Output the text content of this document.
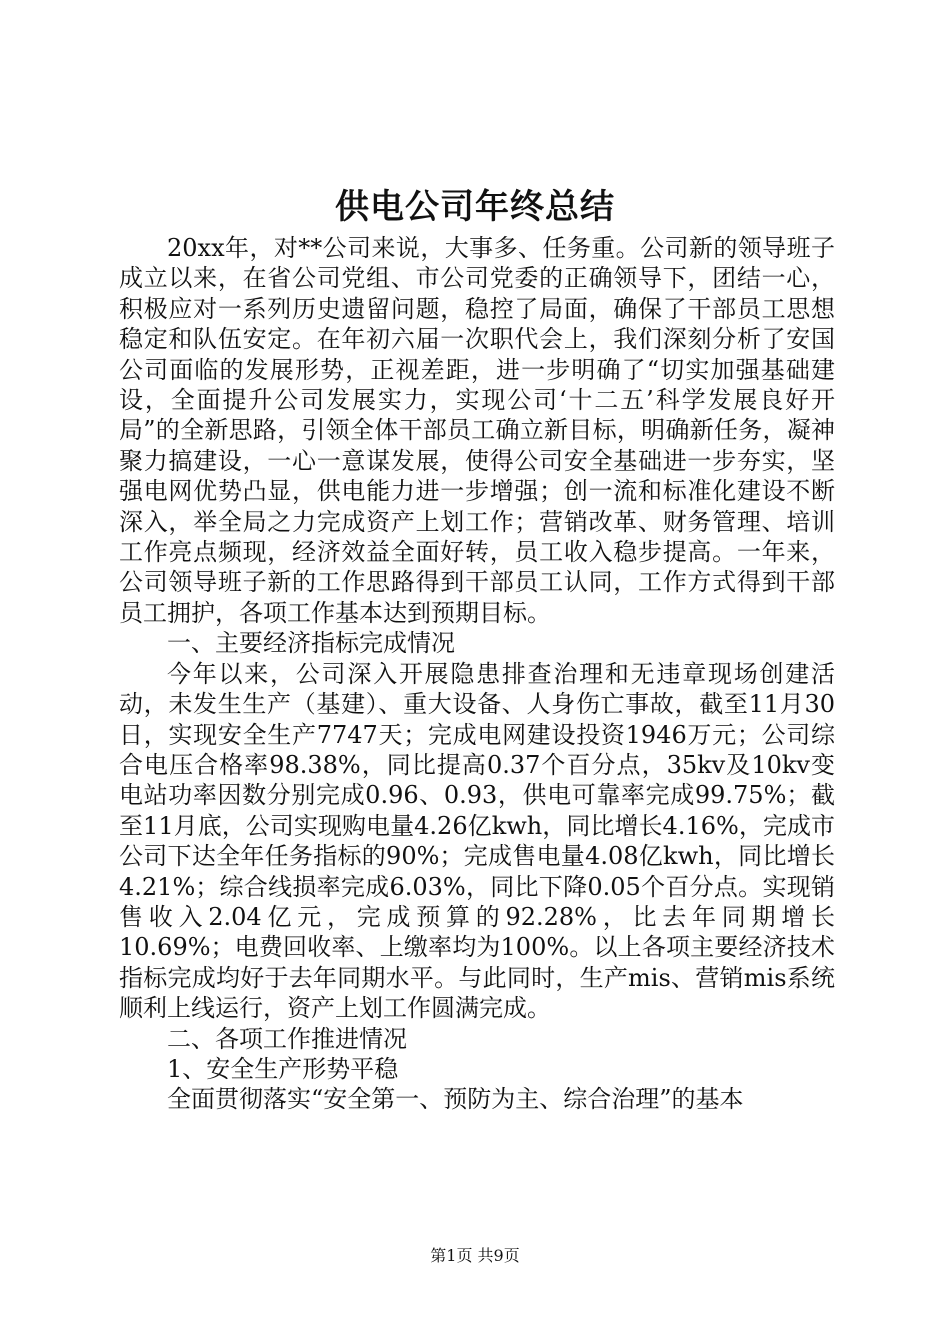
供电公司年终总结

20xx年，对**公司来说，大事多、任务重。公司新的领导班子成立以来，在省公司党组、市公司党委的正确领导下，团结一心，积极应对一系列历史遗留问题，稳控了局面，确保了干部员工思想稳定和队伍安定。在年初六届一次职代会上，我们深刻分析了安国公司面临的发展形势，正视差距，进一步明确了“切实加强基础建设，全面提升公司发展实力，实现公司‘十二五’科学发展良好开局”的全新思路，引领全体干部员工确立新目标，明确新任务，凝神聚力搞建设，一心一意谋发展，使得公司安全基础进一步夯实，坚强电网优势凸显，供电能力进一步增强；创一流和标准化建设不断深入，举全局之力完成资产上划工作；营销改革、财务管理、培训工作亮点频现，经济效益全面好转，员工收入稳步提高。一年来，公司领导班子新的工作思路得到干部员工认同，工作方式得到干部员工拥护，各项工作基本达到预期目标。

一、主要经济指标完成情况

今年以来，公司深入开展隐患排查治理和无违章现场创建活动，未发生生产（基建）、重大设备、人身伤亡事故，截至11月30日，实现安全生产7747天；完成电网建设投资1946万元；公司综合电压合格率98.38%，同比提高0.37个百分点，35kv及10kv变电站功率因数分别完成0.96、0.93，供电可靠率完成99.75%；截至11月底，公司实现购电量4.26亿kwh，同比增长4.16%，完成市公司下达全年任务指标的90%；完成售电量4.08亿kwh，同比增长4.21%；综合线损率完成6.03%，同比下降0.05个百分点。实现销售收入2.04亿元，完成预算的92.28%，比去年同期增长10.69%；电费回收率、上缴率均为100%。以上各项主要经济技术指标完成均好于去年同期水平。与此同时，生产mis、营销mis系统顺利上线运行，资产上划工作圆满完成。

二、各项工作推进情况

1、安全生产形势平稳

全面贯彻落实“安全第一、预防为主、综合治理”的基本

第1页 共9页
